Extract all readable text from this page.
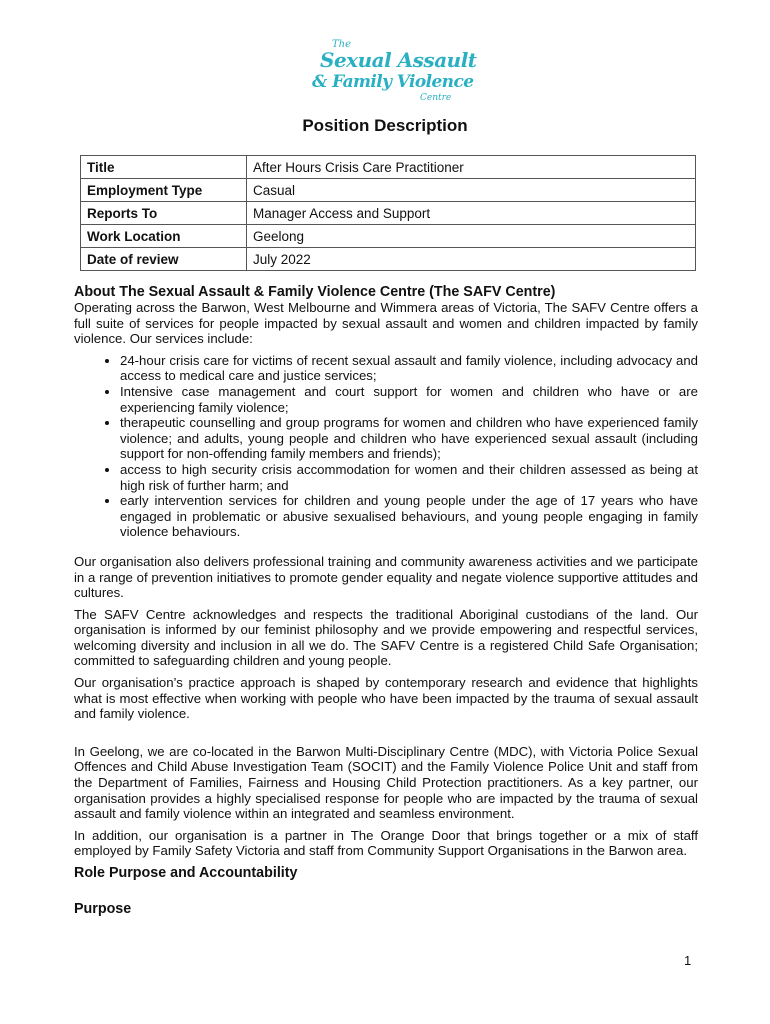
The
Sexual Assault
& Family Violence
Centre
Position Description
Title	After Hours Crisis Care Practitioner
Employment Type	Casual
Reports To	Manager Access and Support
Work Location	Geelong
Date of review	July 2022
About The Sexual Assault & Family Violence Centre (The SAFV Centre)

Operating across the Barwon, West Melbourne and Wimmera areas of Victoria, The SAFV Centre offers a full suite of services for people impacted by sexual assault and women and children impacted by family violence. Our services include:

• 24-hour crisis care for victims of recent sexual assault and family violence, including advocacy and access to medical care and justice services;
• Intensive case management and court support for women and children who have or are experiencing family violence;
• therapeutic counselling and group programs for women and children who have experienced family violence; and adults, young people and children who have experienced sexual assault (including support for non-offending family members and friends);
• access to high security crisis accommodation for women and their children assessed as being at high risk of further harm; and
• early intervention services for children and young people under the age of 17 years who have engaged in problematic or abusive sexualised behaviours, and young people engaging in family violence behaviours.

Our organisation also delivers professional training and community awareness activities and we participate in a range of prevention initiatives to promote gender equality and negate violence supportive attitudes and cultures.

The SAFV Centre acknowledges and respects the traditional Aboriginal custodians of the land. Our organisation is informed by our feminist philosophy and we provide empowering and respectful services, welcoming diversity and inclusion in all we do. The SAFV Centre is a registered Child Safe Organisation; committed to safeguarding children and young people.

Our organisation’s practice approach is shaped by contemporary research and evidence that highlights what is most effective when working with people who have been impacted by the trauma of sexual assault and family violence.

In Geelong, we are co-located in the Barwon Multi-Disciplinary Centre (MDC), with Victoria Police Sexual Offences and Child Abuse Investigation Team (SOCIT) and the Family Violence Police Unit and staff from the Department of Families, Fairness and Housing Child Protection practitioners. As a key partner, our organisation provides a highly specialised response for people who are impacted by the trauma of sexual assault and family violence within an integrated and seamless environment.

In addition, our organisation is a partner in The Orange Door that brings together or a mix of staff employed by Family Safety Victoria and staff from Community Support Organisations in the Barwon area.

Role Purpose and Accountability
Purpose
1
